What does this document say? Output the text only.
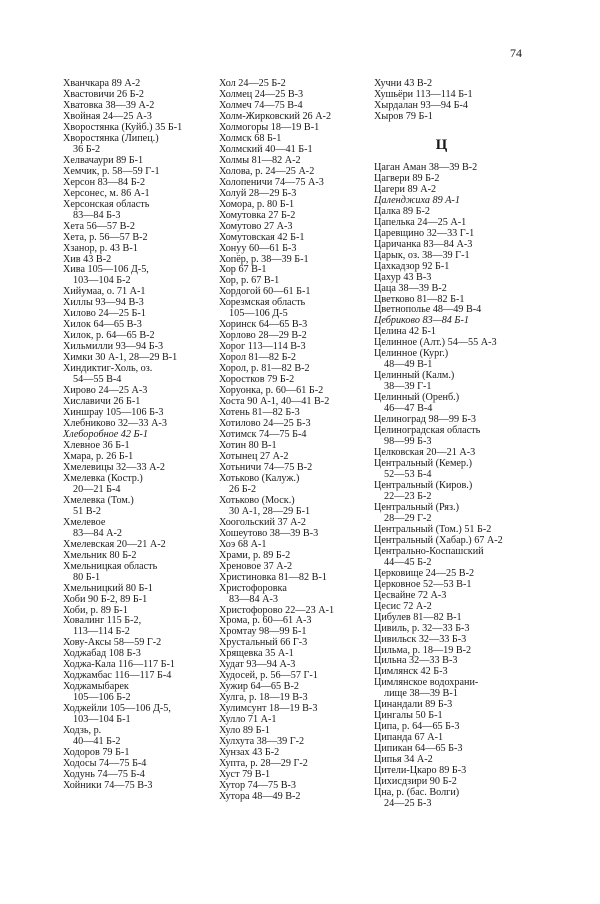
74
Хванчкара 89 А-2
Хвастовичи 26 Б-2
Хватовка 38—39 А-2
Хвойная 24—25 А-3
Хворостянка (Куйб.) 35 Б-1
Хворостянка (Липец.)
36 Б-2
Хелвачаури 89 Б-1
Хемчик, р. 58—59 Г-1
Херсон 83—84 Б-2
Херсонес, м. 86 А-1
Херсонская область
83—84 Б-3
Хета 56—57 В-2
Хета, р. 56—57 В-2
Хзанор, р. 43 В-1
Хив 43 В-2
Хива 105—106 Д-5,
103—104 Б-2
Хийумаа, о. 71 А-1
Хиллы 93—94 В-3
Хилово 24—25 Б-1
Хилок 64—65 В-3
Хилок, р. 64—65 В-2
Хильмилли 93—94 Б-3
Химки 30 А-1, 28—29 В-1
Хиндиктиг-Холь, оз.
54—55 В-4
Хирово 24—25 А-3
Хиславичи 26 Б-1
Хиншрау 105—106 Б-3
Хлебниково 32—33 А-3
Хлеборобное 42 Б-1
Хлевное 36 Б-1
Хмара, р. 26 Б-1
Хмелевицы 32—33 А-2
Хмелевка (Костр.)
20—21 Б-4
Хмелевка (Том.)
51 В-2
Хмелевое
83—84 А-2
Хмелевская 20—21 А-2
Хмельник 80 Б-2
Хмельницкая область
80 Б-1
Хмельницкий 80 Б-1
Хоби 90 Б-2, 89 Б-1
Хоби, р. 89 Б-1
Ховалинг 115 Б-2,
113—114 Б-2
Хову-Аксы 58—59 Г-2
Ходжабад 108 Б-3
Ходжа-Кала 116—117 Б-1
Ходжамбас 116—117 Б-4
Ходжамыбарек
105—106 Б-2
Ходжейли 105—106 Д-5,
103—104 Б-1
Ходзь, р.
40—41 Б-2
Ходоров 79 Б-1
Ходосы 74—75 Б-4
Ходунь 74—75 Б-4
Хойники 74—75 В-3
Хол 24—25 Б-2
Холмец 24—25 В-3
Холмеч 74—75 В-4
Холм-Жирковский 26 А-2
Холмогоры 18—19 В-1
Холмск 68 Б-1
Холмский 40—41 Б-1
Холмы 81—82 А-2
Холова, р. 24—25 А-2
Холопеничи 74—75 А-3
Холуй 28—29 Б-3
Хомора, р. 80 Б-1
Хомутовка 27 Б-2
Хомутово 27 А-3
Хомутовская 42 Б-1
Хонуу 60—61 Б-3
Хопёр, р. 38—39 Б-1
Хор 67 В-1
Хор, р. 67 В-1
Хордогой 60—61 Б-1
Хорезмская область
105—106 Д-5
Хоринск 64—65 В-3
Хорлово 28—29 В-2
Хорог 113—114 В-3
Хорол 81—82 Б-2
Хорол, р. 81—82 В-2
Хоростков 79 Б-2
Хоруонка, р. 60—61 Б-2
Хоста 90 А-1, 40—41 В-2
Хотень 81—82 Б-3
Хотилово 24—25 Б-3
Хотимск 74—75 Б-4
Хотин 80 В-1
Хотынец 27 А-2
Хотьничи 74—75 В-2
Хотьково (Калуж.)
26 Б-2
Хотьково (Моск.)
30 А-1, 28—29 Б-1
Хоогольский 37 А-2
Хошеутово 38—39 В-3
Хоэ 68 А-1
Храми, р. 89 Б-2
Хреновое 37 А-2
Христиновка 81—82 В-1
Христофоровка
83—84 А-3
Христофорово 22—23 А-1
Хрома, р. 60—61 А-3
Хромтау 98—99 Б-1
Хрустальный 66 Г-3
Хрящевка 35 А-1
Худат 93—94 А-3
Худосей, р. 56—57 Г-1
Хужир 64—65 В-2
Хулга, р. 18—19 В-3
Хулимсунт 18—19 В-3
Хулло 71 А-1
Хуло 89 Б-1
Хулхута 38—39 Г-2
Хунзах 43 Б-2
Хупта, р. 28—29 Г-2
Хуст 79 В-1
Хутор 74—75 В-3
Хутора 48—49 В-2
Хучни 43 В-2
Хушьёри 113—114 Б-1
Хырдалан 93—94 Б-4
Хыров 79 Б-1
Ц
Цаган Аман 38—39 В-2
Цагвери 89 Б-2
Цагери 89 А-2
Цаленджиха 89 А-1
Цалка 89 Б-2
Цапелька 24—25 А-1
Царевщино 32—33 Г-1
Царичанка 83—84 А-3
Царык, оз. 38—39 Г-1
Цахкадзор 92 Б-1
Цахур 43 В-3
Цаца 38—39 В-2
Цветково 81—82 Б-1
Цветнополье 48—49 В-4
Цебриково 83—84 Б-1
Целина 42 Б-1
Целинное (Алт.) 54—55 А-3
Целинное (Кург.)
48—49 В-1
Целинный (Калм.)
38—39 Г-1
Целинный (Оренб.)
46—47 В-4
Целиноград 98—99 Б-3
Целиноградская область
98—99 Б-3
Целковская 20—21 А-3
Центральный (Кемер.)
52—53 Б-4
Центральный (Киров.)
22—23 Б-2
Центральный (Ряз.)
28—29 Г-2
Центральный (Том.) 51 Б-2
Центральный (Хабар.) 67 А-2
Центрально-Коспашский
44—45 Б-2
Церковище 24—25 В-2
Церковное 52—53 В-1
Цесвайне 72 А-3
Цесис 72 А-2
Цибулев 81—82 В-1
Цивиль, р. 32—33 Б-3
Цивильск 32—33 Б-3
Цильма, р. 18—19 В-2
Цильна 32—33 В-3
Цимлянск 42 Б-3
Цимлянское водохрани-
лище 38—39 В-1
Цинандали 89 Б-3
Цингалы 50 Б-1
Ципа, р. 64—65 Б-3
Ципанда 67 А-1
Ципикан 64—65 Б-3
Ципья 34 А-2
Цители-Цкаро 89 Б-3
Цихисдзири 90 Б-2
Цна, р. (бас. Волги)
24—25 Б-3
